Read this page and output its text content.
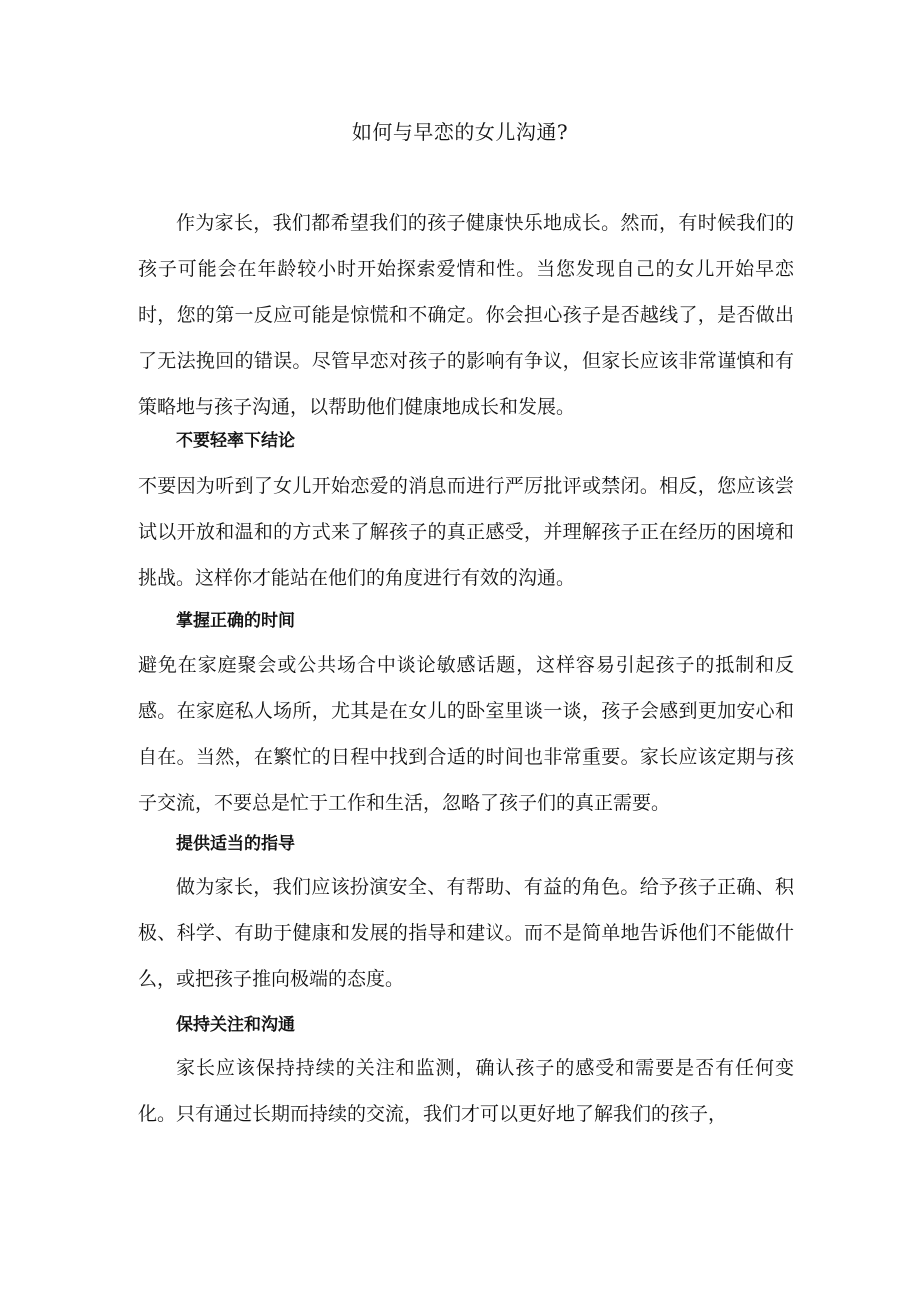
如何与早恋的女儿沟通?

作为家长，我们都希望我们的孩子健康快乐地成长。然而，有时候我们的孩子可能会在年龄较小时开始探索爱情和性。当您发现自己的女儿开始早恋时，您的第一反应可能是惊慌和不确定。你会担心孩子是否越线了，是否做出了无法挽回的错误。尽管早恋对孩子的影响有争议，但家长应该非常谨慎和有策略地与孩子沟通，以帮助他们健康地成长和发展。

不要轻率下结论

不要因为听到了女儿开始恋爱的消息而进行严厉批评或禁闭。相反，您应该尝试以开放和温和的方式来了解孩子的真正感受，并理解孩子正在经历的困境和挑战。这样你才能站在他们的角度进行有效的沟通。

掌握正确的时间

避免在家庭聚会或公共场合中谈论敏感话题，这样容易引起孩子的抵制和反感。在家庭私人场所，尤其是在女儿的卧室里谈一谈，孩子会感到更加安心和自在。当然，在繁忙的日程中找到合适的时间也非常重要。家长应该定期与孩子交流，不要总是忙于工作和生活，忽略了孩子们的真正需要。

提供适当的指导

做为家长，我们应该扮演安全、有帮助、有益的角色。给予孩子正确、积极、科学、有助于健康和发展的指导和建议。而不是简单地告诉他们不能做什么，或把孩子推向极端的态度。

保持关注和沟通

家长应该保持持续的关注和监测，确认孩子的感受和需要是否有任何变化。只有通过长期而持续的交流，我们才可以更好地了解我们的孩子，
